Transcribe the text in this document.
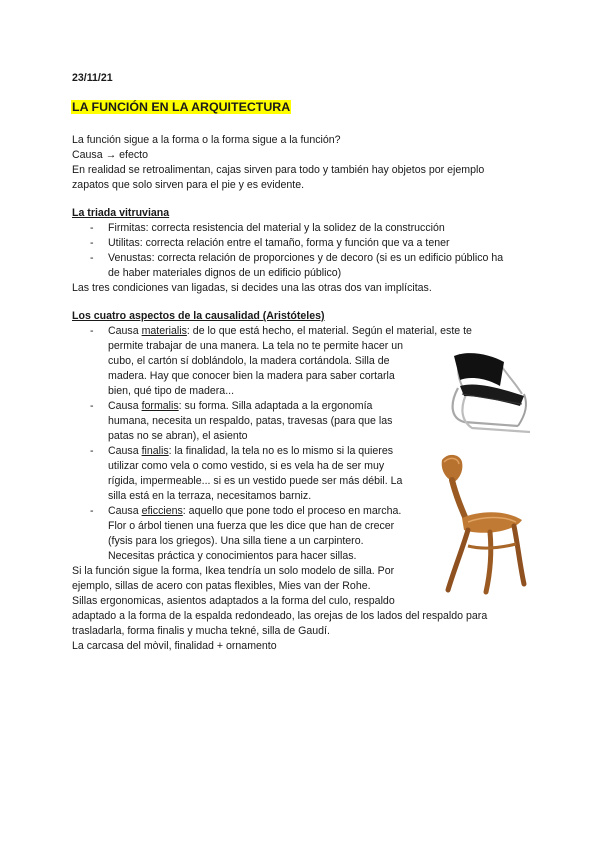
23/11/21
LA FUNCIÓN EN LA ARQUITECTURA
La función sigue a la forma o la forma sigue a la función?
Causa → efecto
En realidad se retroalimentan, cajas sirven para todo y también hay objetos por ejemplo
zapatos que solo sirven para el pie y es evidente.
La triada vitruviana
- Firmitas: correcta resistencia del material y la solidez de la construcción
- Utilitas: correcta relación entre el tamaño, forma y función que va a tener
- Venustas: correcta relación de proporciones y de decoro (si es un edificio público ha
de haber materiales dignos de un edificio público)
Las tres condiciones van ligadas, si decides una las otras dos van implícitas.
Los cuatro aspectos de la causalidad (Aristóteles)
- Causa materialis: de lo que está hecho, el material. Según el material, este te
permite trabajar de una manera. La tela no te permite hacer un
cubo, el cartón sí doblándolo, la madera cortándola. Silla de
madera. Hay que conocer bien la madera para saber cortarla
bien, qué tipo de madera...
- Causa formalis: su forma. Silla adaptada a la ergonomía
humana, necesita un respaldo, patas, travesas (para que las
patas no se abran), el asiento
- Causa finalis: la finalidad, la tela no es lo mismo si la quieres
utilizar como vela o como vestido, si es vela ha de ser muy
rígida, impermeable... si es un vestido puede ser más débil. La
silla está en la terraza, necesitamos barniz.
- Causa eficciens: aquello que pone todo el proceso en marcha.
Flor o árbol tienen una fuerza que les dice que han de crecer
(fysis para los griegos). Una silla tiene a un carpintero.
Necesitas práctica y conocimientos para hacer sillas.
Si la función sigue la forma, Ikea tendría un solo modelo de silla. Por
ejemplo, sillas de acero con patas flexibles, Mies van der Rohe.
Sillas ergonomicas, asientos adaptados a la forma del culo, respaldo
adaptado a la forma de la espalda redondeado, las orejas de los lados del respaldo para
trasladarla, forma finalis y mucha tekné, silla de Gaudí.
La carcasa del mòvil, finalidad + ornamento
